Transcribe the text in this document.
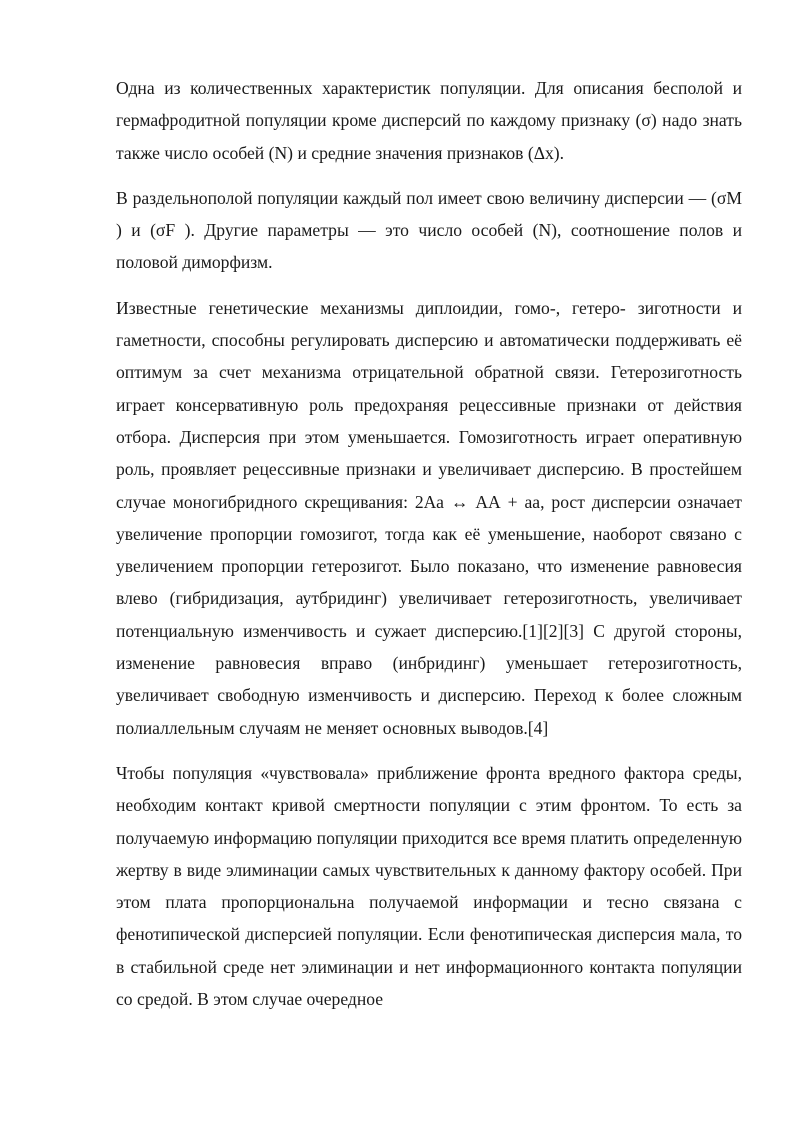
Одна из количественных характеристик популяции. Для описания бесполой и гермафродитной популяции кроме дисперсий по каждому признаку (σ) надо знать также число особей (N) и средние значения признаков (Δx).

В раздельнополой популяции каждый пол имеет свою величину дисперсии — (σM ) и (σF ). Другие параметры — это число особей (N), соотношение полов и половой диморфизм.

Известные генетические механизмы диплоидии, гомо-, гетеро- зиготности и гаметности, способны регулировать дисперсию и автоматически поддерживать её оптимум за счет механизма отрицательной обратной связи. Гетерозиготность играет консервативную роль предохраняя рецессивные признаки от действия отбора. Дисперсия при этом уменьшается. Гомозиготность играет оперативную роль, проявляет рецессивные признаки и увеличивает дисперсию. В простейшем случае моногибридного скрещивания: 2Аа ↔ АА + аа, рост дисперсии означает увеличение пропорции гомозигот, тогда как её уменьшение, наоборот связано с увеличением пропорции гетерозигот. Было показано, что изменение равновесия влево (гибридизация, аутбридинг) увеличивает гетерозиготность, увеличивает потенциальную изменчивость и сужает дисперсию.[1][2][3] С другой стороны, изменение равновесия вправо (инбридинг) уменьшает гетерозиготность, увеличивает свободную изменчивость и дисперсию. Переход к более сложным полиаллельным случаям не меняет основных выводов.[4]

Чтобы популяция «чувствовала» приближение фронта вредного фактора среды, необходим контакт кривой смертности популяции с этим фронтом. То есть за получаемую информацию популяции приходится все время платить определенную жертву в виде элиминации самых чувствительных к данному фактору особей. При этом плата пропорциональна получаемой информации и тесно связана с фенотипической дисперсией популяции. Если фенотипическая дисперсия мала, то в стабильной среде нет элиминации и нет информационного контакта популяции со средой. В этом случае очередное
